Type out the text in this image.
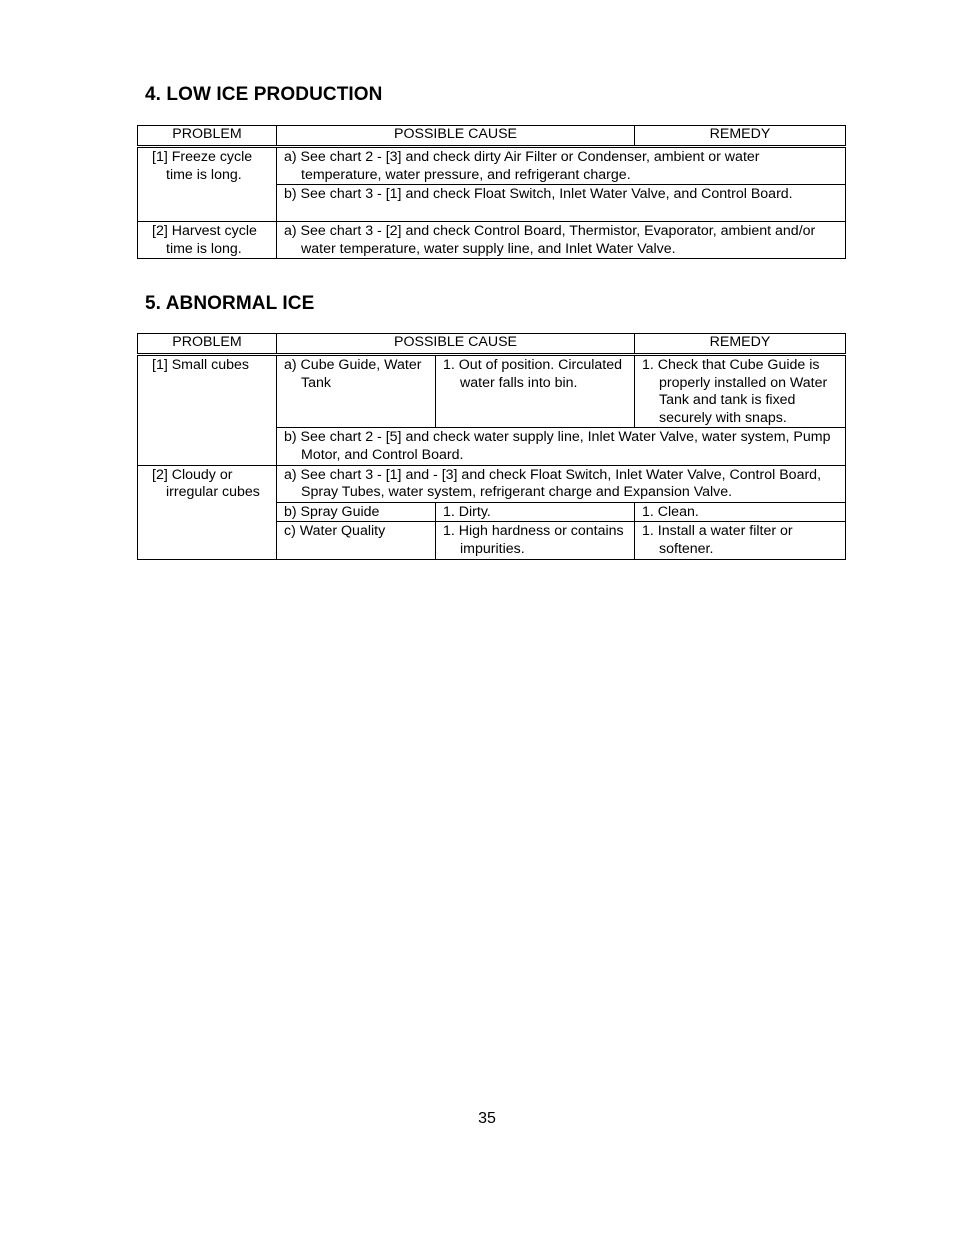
4. LOW ICE PRODUCTION
PROBLEM	POSSIBLE CAUSE	REMEDY

[1] Freeze cycle time is long.	a) See chart 2 - [3] and check dirty Air Filter or Condenser, ambient or water temperature, water pressure, and refrigerant charge.	

	b) See chart 3 - [1] and check Float Switch, Inlet Water Valve, and Control Board.	

[2] Harvest cycle time is long.	a) See chart 3 - [2] and check Control Board, Thermistor, Evaporator, ambient and/or water temperature, water supply line, and Inlet Water Valve.	
5. ABNORMAL ICE
PROBLEM	POSSIBLE CAUSE		REMEDY

[1] Small cubes	a) Cube Guide, Water Tank	1. Out of position. Circulated water falls into bin.	1. Check that Cube Guide is properly installed on Water Tank and tank is fixed securely with snaps.

	b) See chart 2 - [5] and check water supply line, Inlet Water Valve, water system, Pump Motor, and Control Board.		

[2] Cloudy or irregular cubes	a) See chart 3 - [1] and - [3] and check Float Switch, Inlet Water Valve, Control Board, Spray Tubes, water system, refrigerant charge and Expansion Valve.		

	b) Spray Guide	1. Dirty.	1. Clean.

	c) Water Quality	1. High hardness or contains impurities.	1. Install a water filter or softener.
35
